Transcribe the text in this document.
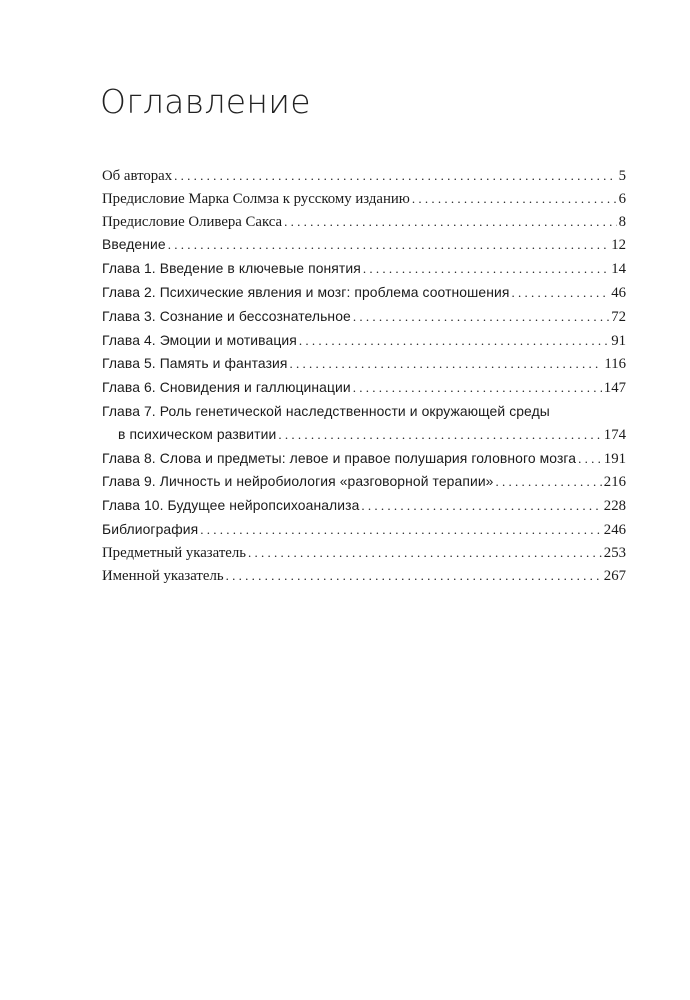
Оглавление
Об авторах . . .	5
Предисловие Марка Солмза к русскому изданию . . .	6
Предисловие Оливера Сакса . . .	8
Введение . . .	12
Глава 1. Введение в ключевые понятия . . .	14
Глава 2. Психические явления и мозг: проблема соотношения . . .	46
Глава 3. Сознание и бессознательное . . .	72
Глава 4. Эмоции и мотивация . . .	91
Глава 5. Память и фантазия . . .	116
Глава 6. Сновидения и галлюцинации . . .	147
Глава 7. Роль генетической наследственности и окружающей среды
в психическом развитии . . .	174
Глава 8. Слова и предметы: левое и правое полушария головного мозга . . . 191
Глава 9. Личность и нейробиология «разговорной терапии» . . .	216
Глава 10. Будущее нейропсихоанализа . . .	228
Библиография . . .	246
Предметный указатель . . .	253
Именной указатель . . .	267
